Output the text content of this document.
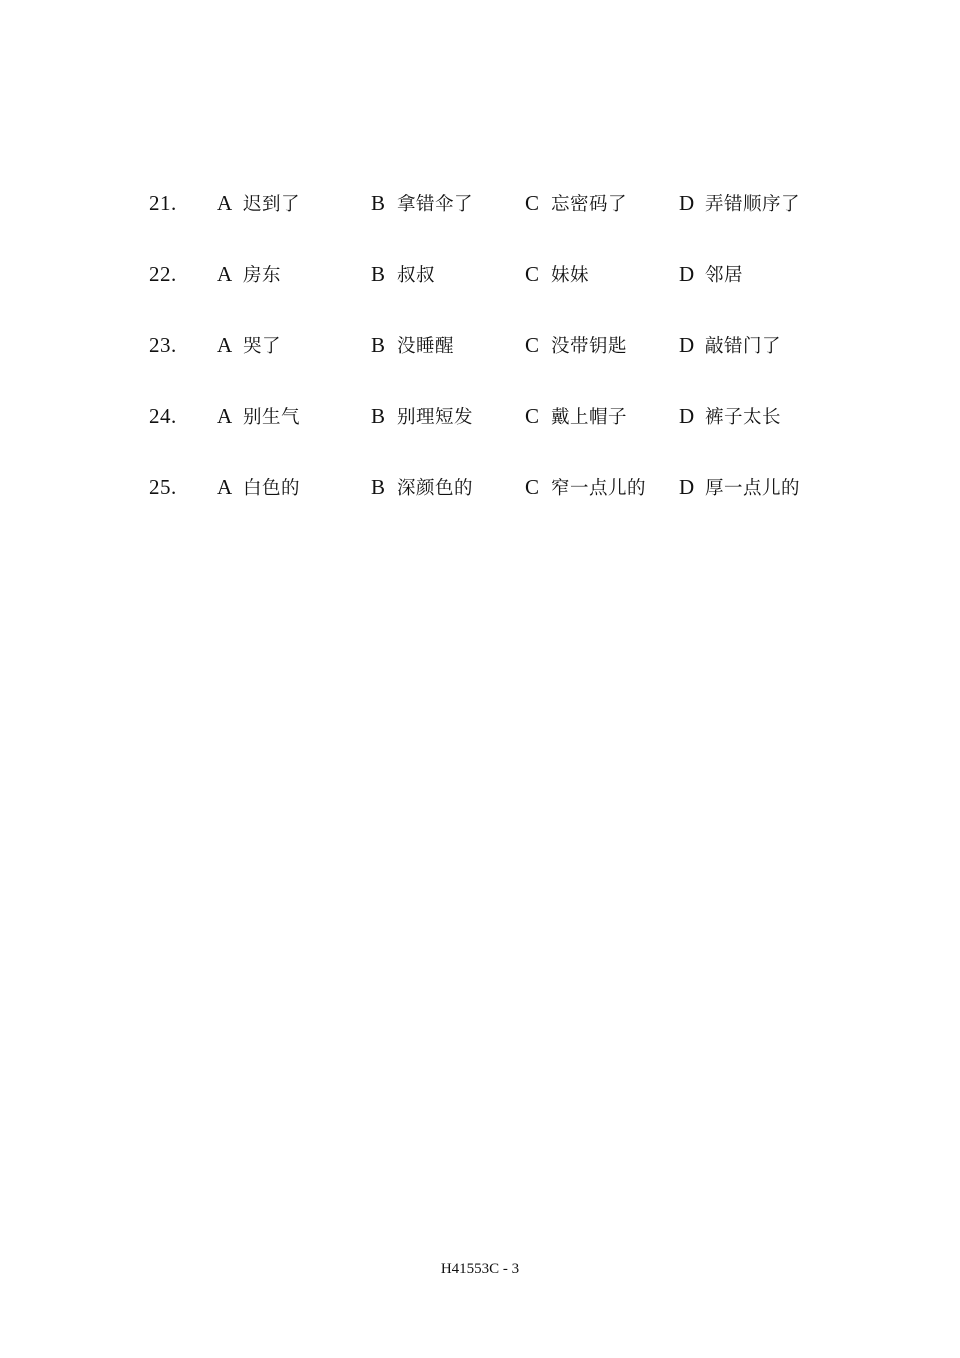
21. A 迟到了	B 拿错伞了 C 忘密码了 D 弄错顺序了
22. A 房东	B 叔叔	C 妹妹	D 邻居
23. A 哭了	B 没睡醒	C 没带钥匙 D 敲错门了
24. A 别生气	B 别理短发 C 戴上帽子 D 裤子太长
25. A 白色的	B 深颜色的 C 窄一点儿的 D 厚一点儿的
H41553C - 3
